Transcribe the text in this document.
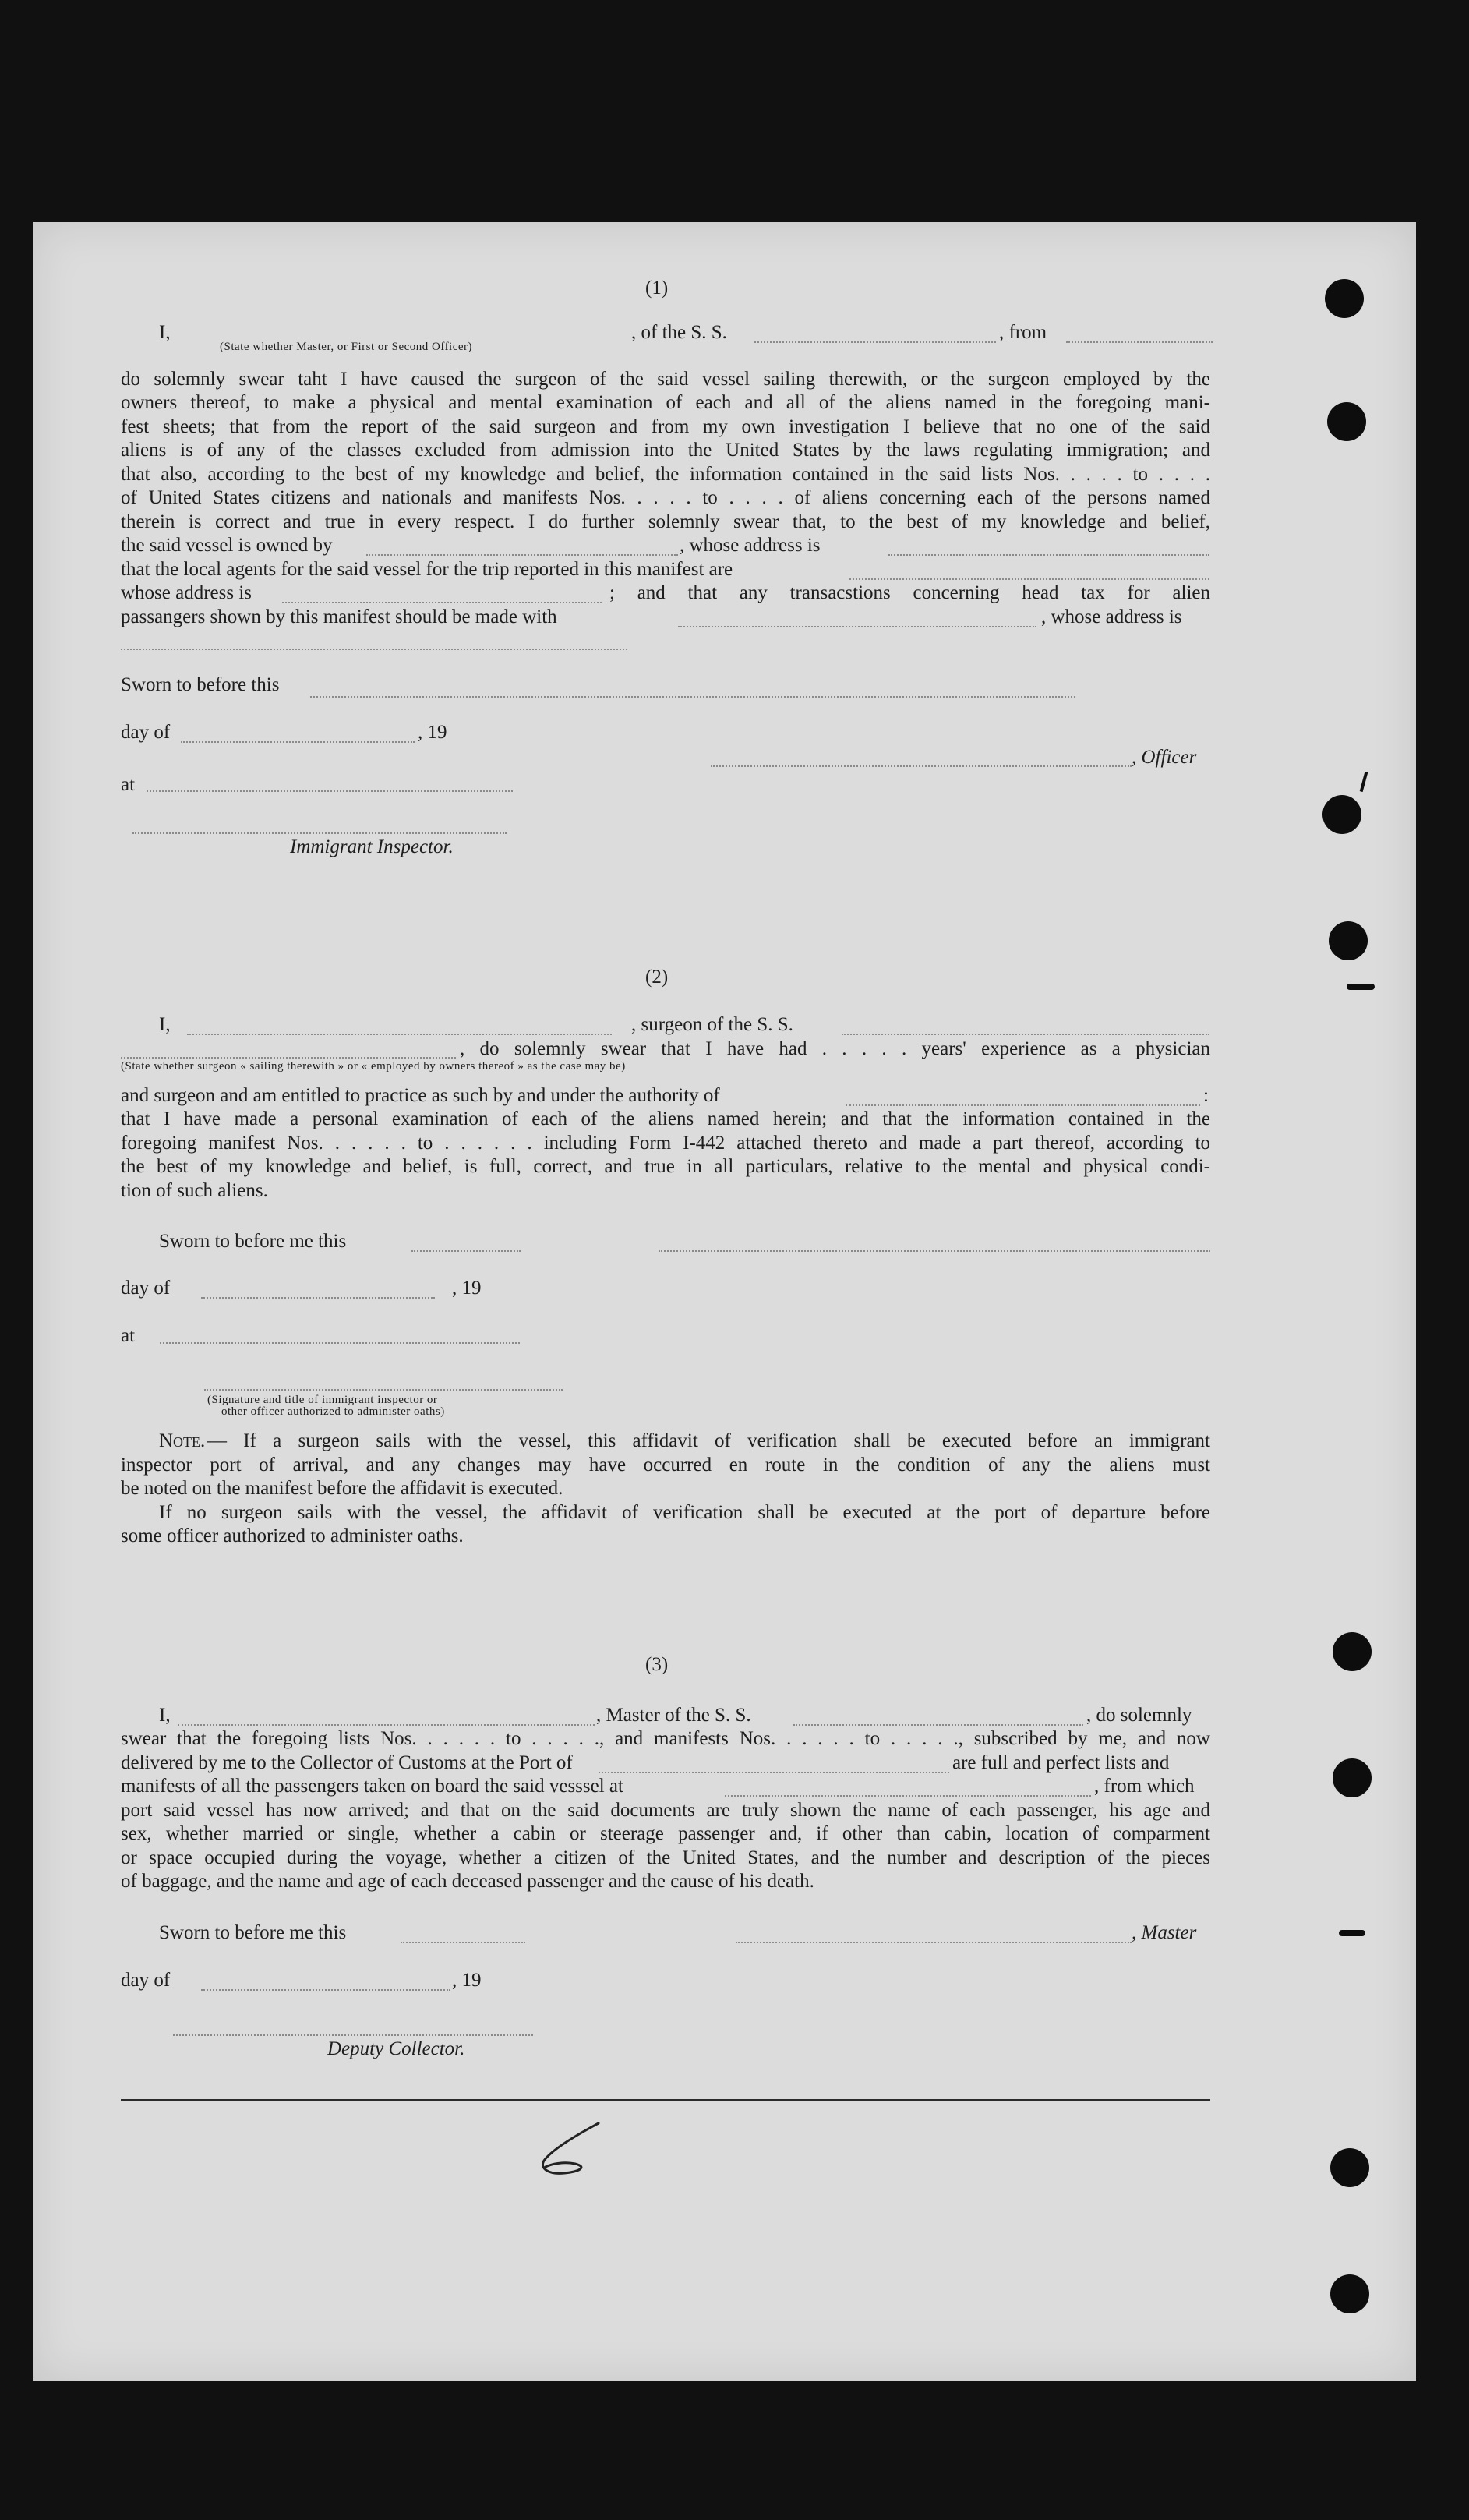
(1)
I,	, of the S. S.	, from
(State whether Master, or First or Second Officer)
do solemnly swear taht I have caused the surgeon of the said vessel sailing therewith, or the surgeon employed by the
owners thereof, to make a physical and mental examination of each and all of the aliens named in the foregoing mani-
fest sheets; that from the report of the said surgeon and from my own investigation I believe that no one of the said
aliens is of any of the classes excluded from admission into the United States by the laws regulating immigration; and
that also, according to the best of my knowledge and belief, the information contained in the said lists Nos. . . . . to . . . .
of United States citizens and nationals and manifests Nos. . . . . to . . . . of aliens concerning each of the persons named
therein is correct and true in every respect. I do further solemnly swear that, to the best of my knowledge and belief,
the said vessel is owned by	, whose address is
that the local agents for the said vessel for the trip reported in this manifest are
whose address is	; and that any transacstions concerning head tax for alien
passangers shown by this manifest should be made with	, whose address is
Sworn to before this
day of	, 19
, Officer
at
Immigrant Inspector.
(2)
I,	, surgeon of the S. S.
, do solemnly swear that I have had . . . . . years' experience as a physician
(State whether surgeon « sailing therewith » or « employed by owners thereof » as the case may be)
and surgeon and am entitled to practice as such by and under the authority of	:
that I have made a personal examination of each of the aliens named herein; and that the information contained in the
foregoing manifest Nos. . . . . . to . . . . . . including Form I-442 attached thereto and made a part thereof, according to
the best of my knowledge and belief, is full, correct, and true in all particulars, relative to the mental and physical condi-
tion of such aliens.
Sworn to before me this
day of	, 19
at
(Signature and title of immigrant inspector or
other officer authorized to administer oaths)
Note. — If a surgeon sails with the vessel, this affidavit of verification shall be executed before an immigrant
inspector port of arrival, and any changes may have occurred en route in the condition of any the aliens must
be noted on the manifest before the affidavit is executed.
If no surgeon sails with the vessel, the affidavit of verification shall be executed at the port of departure before
some officer authorized to administer oaths.
(3)
I,	, Master of the S. S.	, do solemnly
swear that the foregoing lists Nos. . . . . . to . . . . ., and manifests Nos. . . . . . to . . . . ., subscribed by me, and now
delivered by me to the Collector of Customs at the Port of	are full and perfect lists and
manifests of all the passengers taken on board the said vesssel at	, from which
port said vessel has now arrived; and that on the said documents are truly shown the name of each passenger, his age and
sex, whether married or single, whether a cabin or steerage passenger and, if other than cabin, location of comparment
or space occupied during the voyage, whether a citizen of the United States, and the number and description of the pieces
of baggage, and the name and age of each deceased passenger and the cause of his death.
Sworn to before me this	, Master
day of	, 19
Deputy Collector.
